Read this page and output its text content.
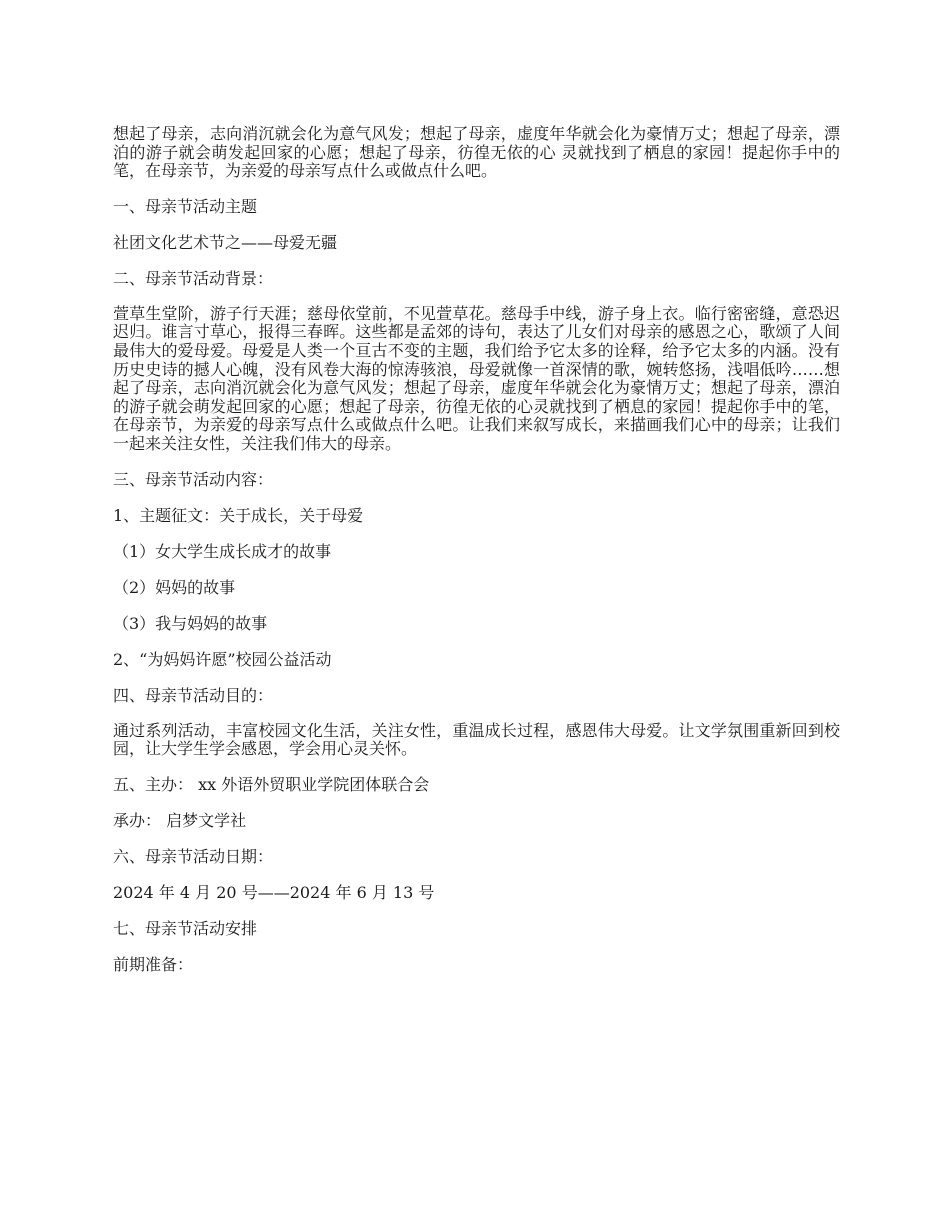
想起了母亲，志向消沉就会化为意气风发；想起了母亲，虚度年华就会化为豪情万丈；想起了母亲，漂泊的游子就会萌发起回家的心愿；想起了母亲，彷徨无依的心 灵就找到了栖息的家园！提起你手中的笔，在母亲节，为亲爱的母亲写点什么或做点什么吧。

一、母亲节活动主题

社团文化艺术节之——母爱无疆

二、母亲节活动背景：

萱草生堂阶，游子行天涯；慈母依堂前，不见萱草花。慈母手中线，游子身上衣。临行密密缝，意恐迟迟归。谁言寸草心，报得三春晖。这些都是孟郊的诗句，表达了儿女们对母亲的感恩之心，歌颂了人间最伟大的爱母爱。母爱是人类一个亘古不变的主题，我们给予它太多的诠释，给予它太多的内涵。没有历史史诗的撼人心魄，没有风卷大海的惊涛骇浪，母爱就像一首深情的歌，婉转悠扬，浅唱低吟……想起了母亲，志向消沉就会化为意气风发；想起了母亲，虚度年华就会化为豪情万丈；想起了母亲，漂泊的游子就会萌发起回家的心愿；想起了母亲，彷徨无依的心灵就找到了栖息的家园！提起你手中的笔，在母亲节，为亲爱的母亲写点什么或做点什么吧。让我们来叙写成长，来描画我们心中的母亲；让我们一起来关注女性，关注我们伟大的母亲。

三、母亲节活动内容：

1、主题征文：关于成长，关于母爱

（1）女大学生成长成才的故事

（2）妈妈的故事

（3）我与妈妈的故事

2、“为妈妈许愿”校园公益活动

四、母亲节活动目的：

通过系列活动，丰富校园文化生活，关注女性，重温成长过程，感恩伟大母爱。让文学氛围重新回到校园，让大学生学会感恩，学会用心灵关怀。

五、主办： xx 外语外贸职业学院团体联合会

承办： 启梦文学社

六、母亲节活动日期：

2024 年 4 月 20 号——2024 年 6 月 13 号

七、母亲节活动安排

前期准备：
